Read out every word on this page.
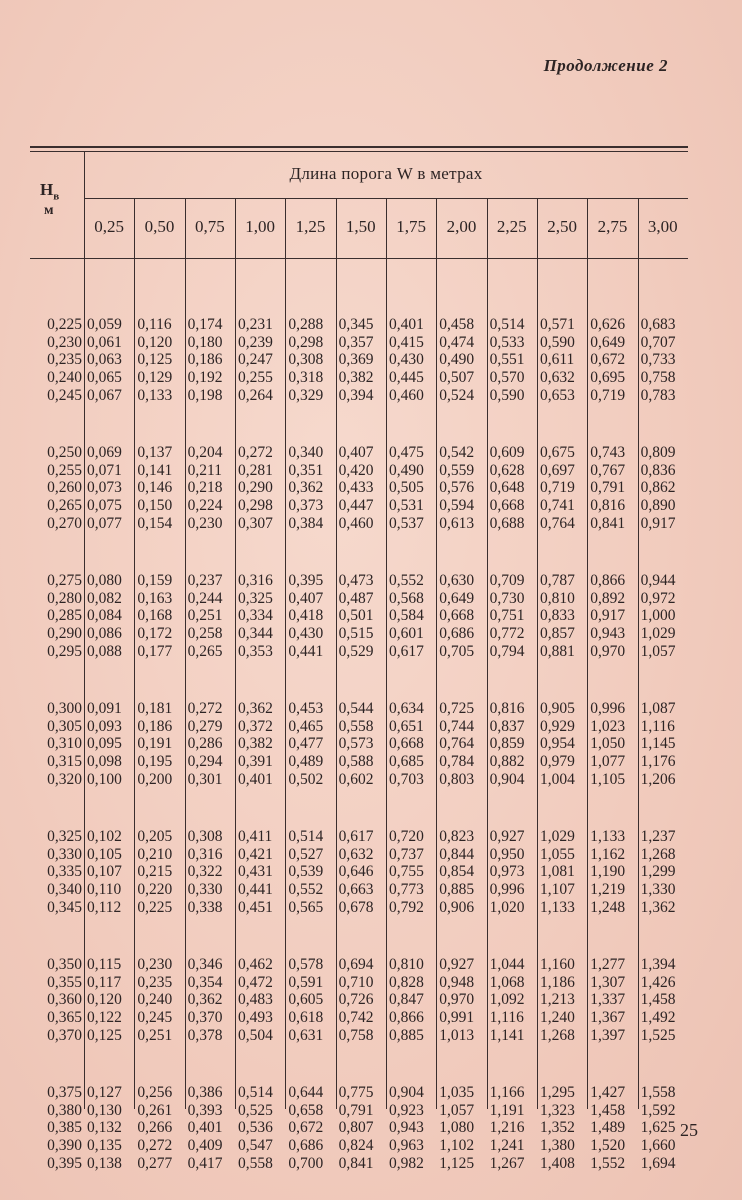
Продолжение 2
$H_в$
м
Длина порога W в метрах
0,25	0,50	0,75	1,00	1,25	1,50	1,75	2,00	2,25	2,50	2,75	3,00
0,225 0,059 0,116 0,174 0,231 0,288 0,345 0,401 0,458 0,514 0,571 0,626 0,683
0,230 0,061 0,120 0,180 0,239 0,298 0,357 0,415 0,474 0,533 0,590 0,649 0,707
0,235 0,063 0,125 0,186 0,247 0,308 0,369 0,430 0,490 0,551 0,611 0,672 0,733
0,240 0,065 0,129 0,192 0,255 0,318 0,382 0,445 0,507 0,570 0,632 0,695 0,758
0,245 0,067 0,133 0,198 0,264 0,329 0,394 0,460 0,524 0,590 0,653 0,719 0,783
0,250 0,069 0,137 0,204 0,272 0,340 0,407 0,475 0,542 0,609 0,675 0,743 0,809
0,255 0,071 0,141 0,211 0,281 0,351 0,420 0,490 0,559 0,628 0,697 0,767 0,836
0,260 0,073 0,146 0,218 0,290 0,362 0,433 0,505 0,576 0,648 0,719 0,791 0,862
0,265 0,075 0,150 0,224 0,298 0,373 0,447 0,531 0,594 0,668 0,741 0,816 0,890
0,270 0,077 0,154 0,230 0,307 0,384 0,460 0,537 0,613 0,688 0,764 0,841 0,917
0,275 0,080 0,159 0,237 0,316 0,395 0,473 0,552 0,630 0,709 0,787 0,866 0,944
0,280 0,082 0,163 0,244 0,325 0,407 0,487 0,568 0,649 0,730 0,810 0,892 0,972
0,285 0,084 0,168 0,251 0,334 0,418 0,501 0,584 0,668 0,751 0,833 0,917 1,000
0,290 0,086 0,172 0,258 0,344 0,430 0,515 0,601 0,686 0,772 0,857 0,943 1,029
0,295 0,088 0,177 0,265 0,353 0,441 0,529 0,617 0,705 0,794 0,881 0,970 1,057
0,300 0,091 0,181 0,272 0,362 0,453 0,544 0,634 0,725 0,816 0,905 0,996 1,087
0,305 0,093 0,186 0,279 0,372 0,465 0,558 0,651 0,744 0,837 0,929 1,023 1,116
0,310 0,095 0,191 0,286 0,382 0,477 0,573 0,668 0,764 0,859 0,954 1,050 1,145
0,315 0,098 0,195 0,294 0,391 0,489 0,588 0,685 0,784 0,882 0,979 1,077 1,176
0,320 0,100 0,200 0,301 0,401 0,502 0,602 0,703 0,803 0,904 1,004 1,105 1,206
0,325 0,102 0,205 0,308 0,411 0,514 0,617 0,720 0,823 0,927 1,029 1,133 1,237
0,330 0,105 0,210 0,316 0,421 0,527 0,632 0,737 0,844 0,950 1,055 1,162 1,268
0,335 0,107 0,215 0,322 0,431 0,539 0,646 0,755 0,854 0,973 1,081 1,190 1,299
0,340 0,110 0,220 0,330 0,441 0,552 0,663 0,773 0,885 0,996 1,107 1,219 1,330
0,345 0,112 0,225 0,338 0,451 0,565 0,678 0,792 0,906 1,020 1,133 1,248 1,362
0,350 0,115 0,230 0,346 0,462 0,578 0,694 0,810 0,927 1,044 1,160 1,277 1,394
0,355 0,117 0,235 0,354 0,472 0,591 0,710 0,828 0,948 1,068 1,186 1,307 1,426
0,360 0,120 0,240 0,362 0,483 0,605 0,726 0,847 0,970 1,092 1,213 1,337 1,458
0,365 0,122 0,245 0,370 0,493 0,618 0,742 0,866 0,991 1,116 1,240 1,367 1,492
0,370 0,125 0,251 0,378 0,504 0,631 0,758 0,885 1,013 1,141 1,268 1,397 1,525
0,375 0,127 0,256 0,386 0,514 0,644 0,775 0,904 1,035 1,166 1,295 1,427 1,558
0,380 0,130 0,261 0,393 0,525 0,658 0,791 0,923 1,057 1,191 1,323 1,458 1,592
0,385 0,132 0,266 0,401 0,536 0,672 0,807 0,943 1,080 1,216 1,352 1,489 1,625
0,390 0,135 0,272 0,409 0,547 0,686 0,824 0,963 1,102 1,241 1,380 1,520 1,660
0,395 0,138 0,277 0,417 0,558 0,700 0,841 0,982 1,125 1,267 1,408 1,552 1,694
25
